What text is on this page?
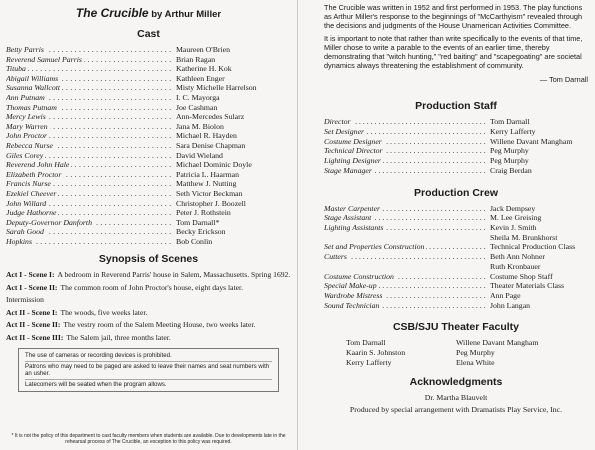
The Crucible by Arthur Miller
Cast
Betty Parris . . .	Maureen O'Brien
Reverend Samuel Parris . . .	Brian Ragan
Tituba . . .	Katherine H. Kok
Abigail Williams . . .	Kathleen Enger
Susanna Wallcott . . .	Misty Michelle Harrelson
Ann Putnam . . .	I. C. Mayorga
Thomas Putnam . . .	Joe Cashman
Mercy Lewis . . .	Ann-Mercedes Sularz
Mary Warren . . .	Jana M. Biolon
John Proctor . . .	Michael R. Hayden
Rebecca Nurse . . .	Sara Denise Chapman
Giles Corey . . .	David Wieland
Reverend John Hale . . .	Michael Dominic Doyle
Elizabeth Proctor . . .	Patricia L. Haarman
Francis Nurse . . .	Matthew J. Nutting
Ezekiel Cheever . . .	Seth Victor Beckman
John Willard . . .	Christopher J. Boozell
Judge Hathorne . . .	Peter J. Rothstein
Deputy-Governor Danforth . . .	Tom Darnall*
Sarah Good . . .	Becky Erickson
Hopkins . . .	Bob Conlin
Synopsis of Scenes
Act I - Scene I: A bedroom in Reverend Parris' house in Salem, Massachusetts. Spring 1692.
Act I - Scene II: The common room of John Proctor's house, eight days later.
Intermission
Act II - Scene I: The woods, five weeks later.
Act II - Scene II: The vestry room of the Salem Meeting House, two weeks later.
Act II - Scene III: The Salem jail, three months later.
The use of cameras or recording devices is prohibited.
Patrons who may need to be paged are asked to leave their names and seat numbers with an usher.
Latecomers will be seated when the program allows.
* It is not the policy of this department to cast faculty members when students are available. Due to developments late in the rehearsal process of The Crucible, an exception to this policy was required.

The Crucible was written in 1952 and first performed in 1953. The play functions as Arthur Miller's response to the beginnings of "McCarthyism" revealed through the decisions and judgments of the House Unamerican Activities Committee.

It is important to note that rather than write specifically to the events of that time, Miller chose to write a parable to the events of an earlier time, thereby demonstrating that "witch hunting," "red baiting" and "scapegoating" are societal dynamics always threatening the establishment of community.

— Tom Darnall
Production Staff
Director . . .	Tom Darnall
Set Designer . . .	Kerry Lafferty
Costume Designer . . .	Willene Davant Mangham
Technical Director . . .	Peg Murphy
Lighting Designer . . .	Peg Murphy
Stage Manager . . .	Craig Berdan
Production Crew
Master Carpenter . . .	Jack Dempsey
Stage Assistant . . .	M. Lee Greising
Lighting Assistants . . .	Kevin J. Smith
Sheila M. Brunkhorst
Set and Properties Construction . . .	Technical Production Class
Cutters . . .	Beth Ann Nohner
Ruth Kronbauer
Costume Construction . . .	Costume Shop Staff
Special Make-up . . .	Theater Materials Class
Wardrobe Mistress . . .	Ann Page
Sound Technician . . .	John Langan
CSB/SJU Theater Faculty
Tom Darnall	Willene Davant Mangham
Kaarin S. Johnston	Peg Murphy
Kerry Lafferty	Elena White
Acknowledgments
Dr. Martha Blauvelt
Produced by special arrangement with Dramatists Play Service, Inc.
